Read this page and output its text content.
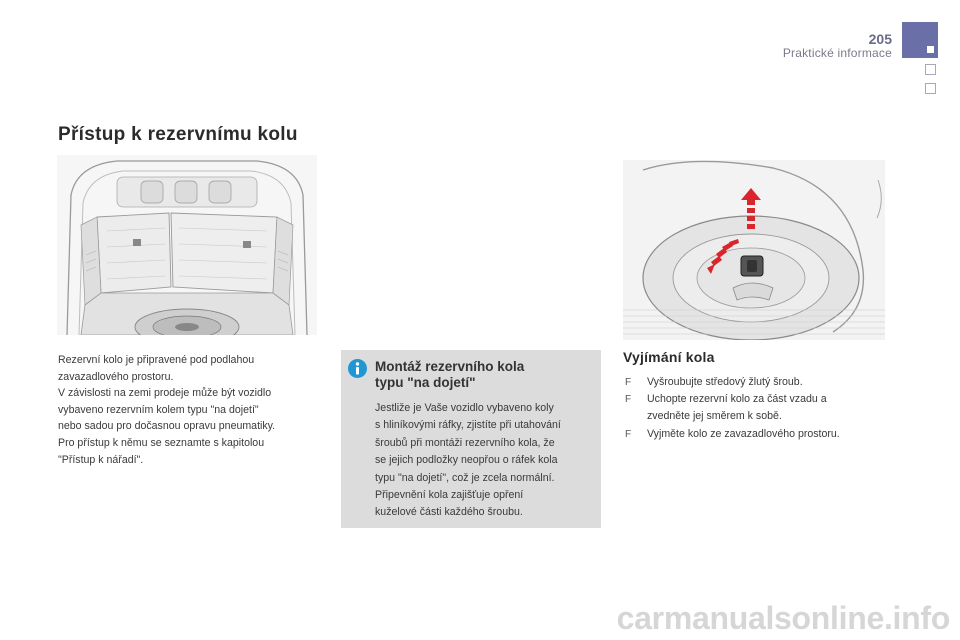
205
Praktické informace
Přístup k rezervnímu kolu
Rezervní kolo je připravené pod podlahou
zavazadlového prostoru.
V závislosti na zemi prodeje může být vozidlo
vybaveno rezervním kolem typu "na dojetí"
nebo sadou pro dočasnou opravu pneumatiky.
Pro přístup k němu se seznamte s kapitolou
"Přístup k nářadí".
Montáž rezervního kola
typu "na dojetí"
Jestliže je Vaše vozidlo vybaveno koly
s hliníkovými ráfky, zjistíte při utahování
šroubů při montáži rezervního kola, že
se jejich podložky neopřou o ráfek kola
typu "na dojetí", což je zcela normální.
Připevnění kola zajišťuje opření
kuželové části každého šroubu.
Vyjímání kola
F Vyšroubujte středový žlutý šroub.
F Uchopte rezervní kolo za část vzadu a
zvedněte jej směrem k sobě.
F Vyjměte kolo ze zavazadlového prostoru.
carmanualsonline.info
